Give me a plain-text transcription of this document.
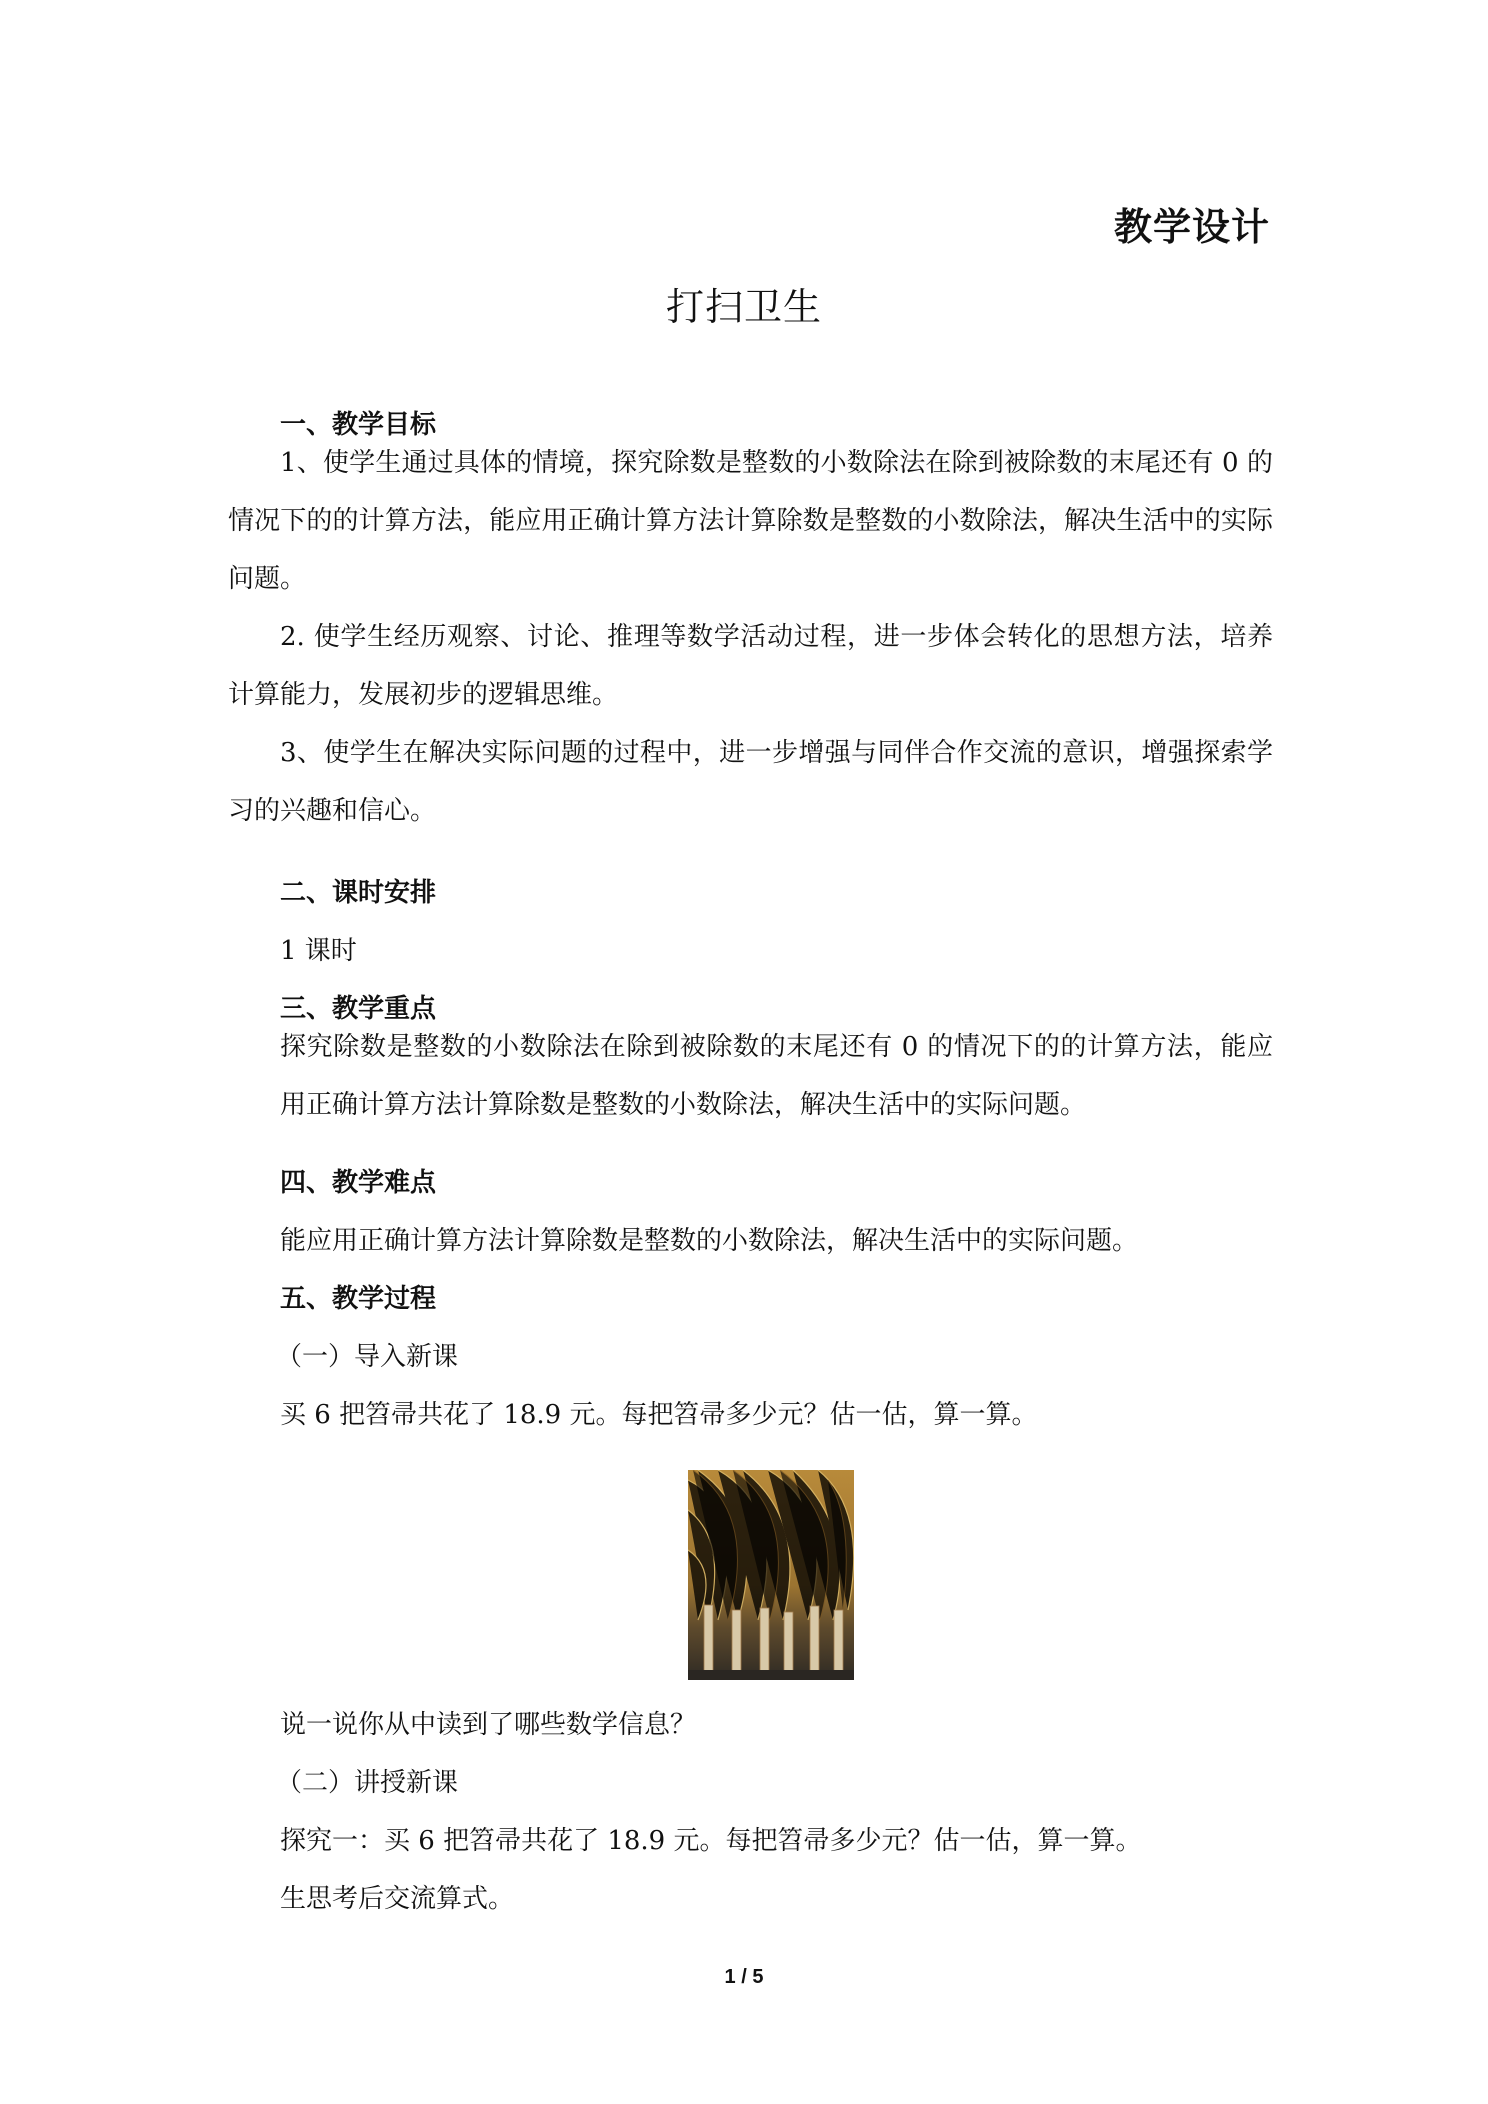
教学设计
打扫卫生
一、教学目标
1、使学生通过具体的情境，探究除数是整数的小数除法在除到被除数的末尾还有 0 的情况下的的计算方法，能应用正确计算方法计算除数是整数的小数除法，解决生活中的实际问题。
2. 使学生经历观察、讨论、推理等数学活动过程，进一步体会转化的思想方法，培养计算能力，发展初步的逻辑思维。
3、使学生在解决实际问题的过程中，进一步增强与同伴合作交流的意识，增强探索学习的兴趣和信心。
二、课时安排
1 课时
三、教学重点
探究除数是整数的小数除法在除到被除数的末尾还有 0 的情况下的的计算方法，能应用正确计算方法计算除数是整数的小数除法，解决生活中的实际问题。
四、教学难点
能应用正确计算方法计算除数是整数的小数除法，解决生活中的实际问题。
五、教学过程
（一）导入新课
买 6 把笤帚共花了 18.9 元。每把笤帚多少元？估一估，算一算。
说一说你从中读到了哪些数学信息？
（二）讲授新课
探究一：买 6 把笤帚共花了 18.9 元。每把笤帚多少元？估一估，算一算。
生思考后交流算式。
1 / 5
